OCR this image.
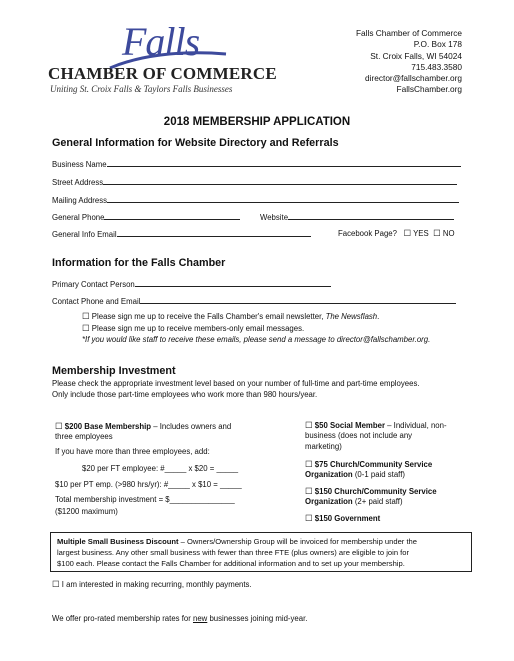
Falls
CHAMBER OF COMMERCE
Uniting St. Croix Falls & Taylors Falls Businesses
Falls Chamber of Commerce
P.O. Box 178
St. Croix Falls, WI 54024
715.483.3580
director@fallschamber.org
FallsChamber.org
2018 MEMBERSHIP APPLICATION
General Information for Website Directory and Referrals
Business Name
Street Address
Mailing Address
General Phone	Website
General Info Email	Facebook Page? ☐ YES ☐ NO
Information for the Falls Chamber
Primary Contact Person
Contact Phone and Email
☐ Please sign me up to receive the Falls Chamber's email newsletter, The Newsflash.
☐ Please sign me up to receive members-only email messages.
*If you would like staff to receive these emails, please send a message to director@fallschamber.org.
Membership Investment
Please check the appropriate investment level based on your number of full-time and part-time employees.
Only include those part-time employees who work more than 980 hours/year.
☐ $200 Base Membership – Includes owners and
three employees
If you have more than three employees, add:
$20 per FT employee: #_____ x $20 = _____
$10 per PT emp. (>980 hrs/yr): #_____ x $10 = _____
Total membership investment = $_______________
($1200 maximum)
☐ $50 Social Member – Individual, non-
business (does not include any
marketing)
☐ $75 Church/Community Service
Organization (0-1 paid staff)
☐ $150 Church/Community Service
Organization (2+ paid staff)
☐ $150 Government
Multiple Small Business Discount – Owners/Ownership Group will be invoiced for membership under the
largest business. Any other small business with fewer than three FTE (plus owners) are eligible to join for
$100 each. Please contact the Falls Chamber for additional information and to set up your membership.
☐ I am interested in making recurring, monthly payments.
We offer pro-rated membership rates for new businesses joining mid-year.
